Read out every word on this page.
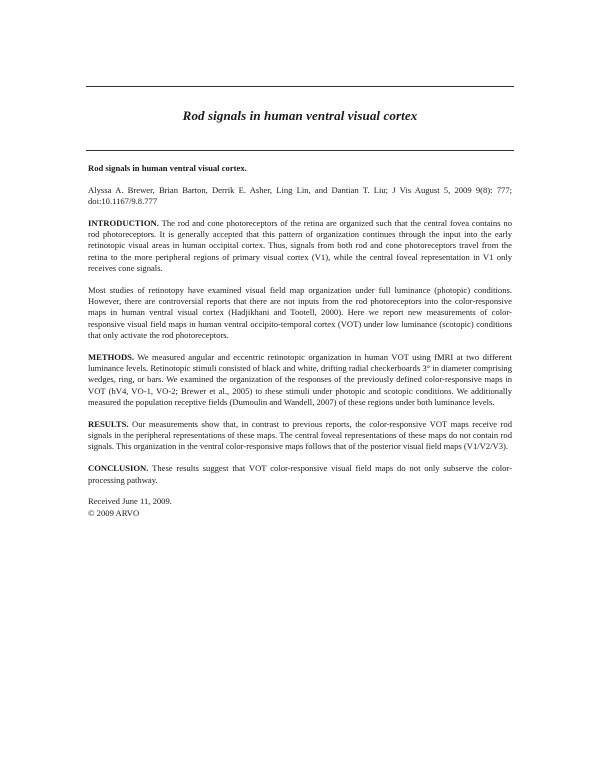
Rod signals in human ventral visual cortex

Rod signals in human ventral visual cortex.

Alyssa A. Brewer, Brian Barton, Derrik E. Asher, Ling Lin, and Dantian T. Liu; J Vis August 5, 2009 9(8): 777; doi:10.1167/9.8.777

INTRODUCTION. The rod and cone photoreceptors of the retina are organized such that the central fovea contains no rod photoreceptors. It is generally accepted that this pattern of organization continues through the input into the early retinotopic visual areas in human occipital cortex. Thus, signals from both rod and cone photoreceptors travel from the retina to the more peripheral regions of primary visual cortex (V1), while the central foveal representation in V1 only receives cone signals.

Most studies of retinotopy have examined visual field map organization under full luminance (photopic) conditions. However, there are controversial reports that there are not inputs from the rod photoreceptors into the color-responsive maps in human ventral visual cortex (Hadjikhani and Tootell, 2000). Here we report new measurements of color-responsive visual field maps in human ventral occipito-temporal cortex (VOT) under low luminance (scotopic) conditions that only activate the rod photoreceptors.

METHODS. We measured angular and eccentric retinotopic organization in human VOT using fMRI at two different luminance levels. Retinotopic stimuli consisted of black and white, drifting radial checkerboards 3° in diameter comprising wedges, ring, or bars. We examined the organization of the responses of the previously defined color-responsive maps in VOT (hV4, VO-1, VO-2; Brewer et al., 2005) to these stimuli under photopic and scotopic conditions. We additionally measured the population receptive fields (Dumoulin and Wandell, 2007) of these regions under both luminance levels.

RESULTS. Our measurements show that, in contrast to previous reports, the color-responsive VOT maps receive rod signals in the peripheral representations of these maps. The central foveal representations of these maps do not contain rod signals. This organization in the ventral color-responsive maps follows that of the posterior visual field maps (V1/V2/V3).

CONCLUSION. These results suggest that VOT color-responsive visual field maps do not only subserve the color-processing pathway.

Received June 11, 2009.

© 2009 ARVO
